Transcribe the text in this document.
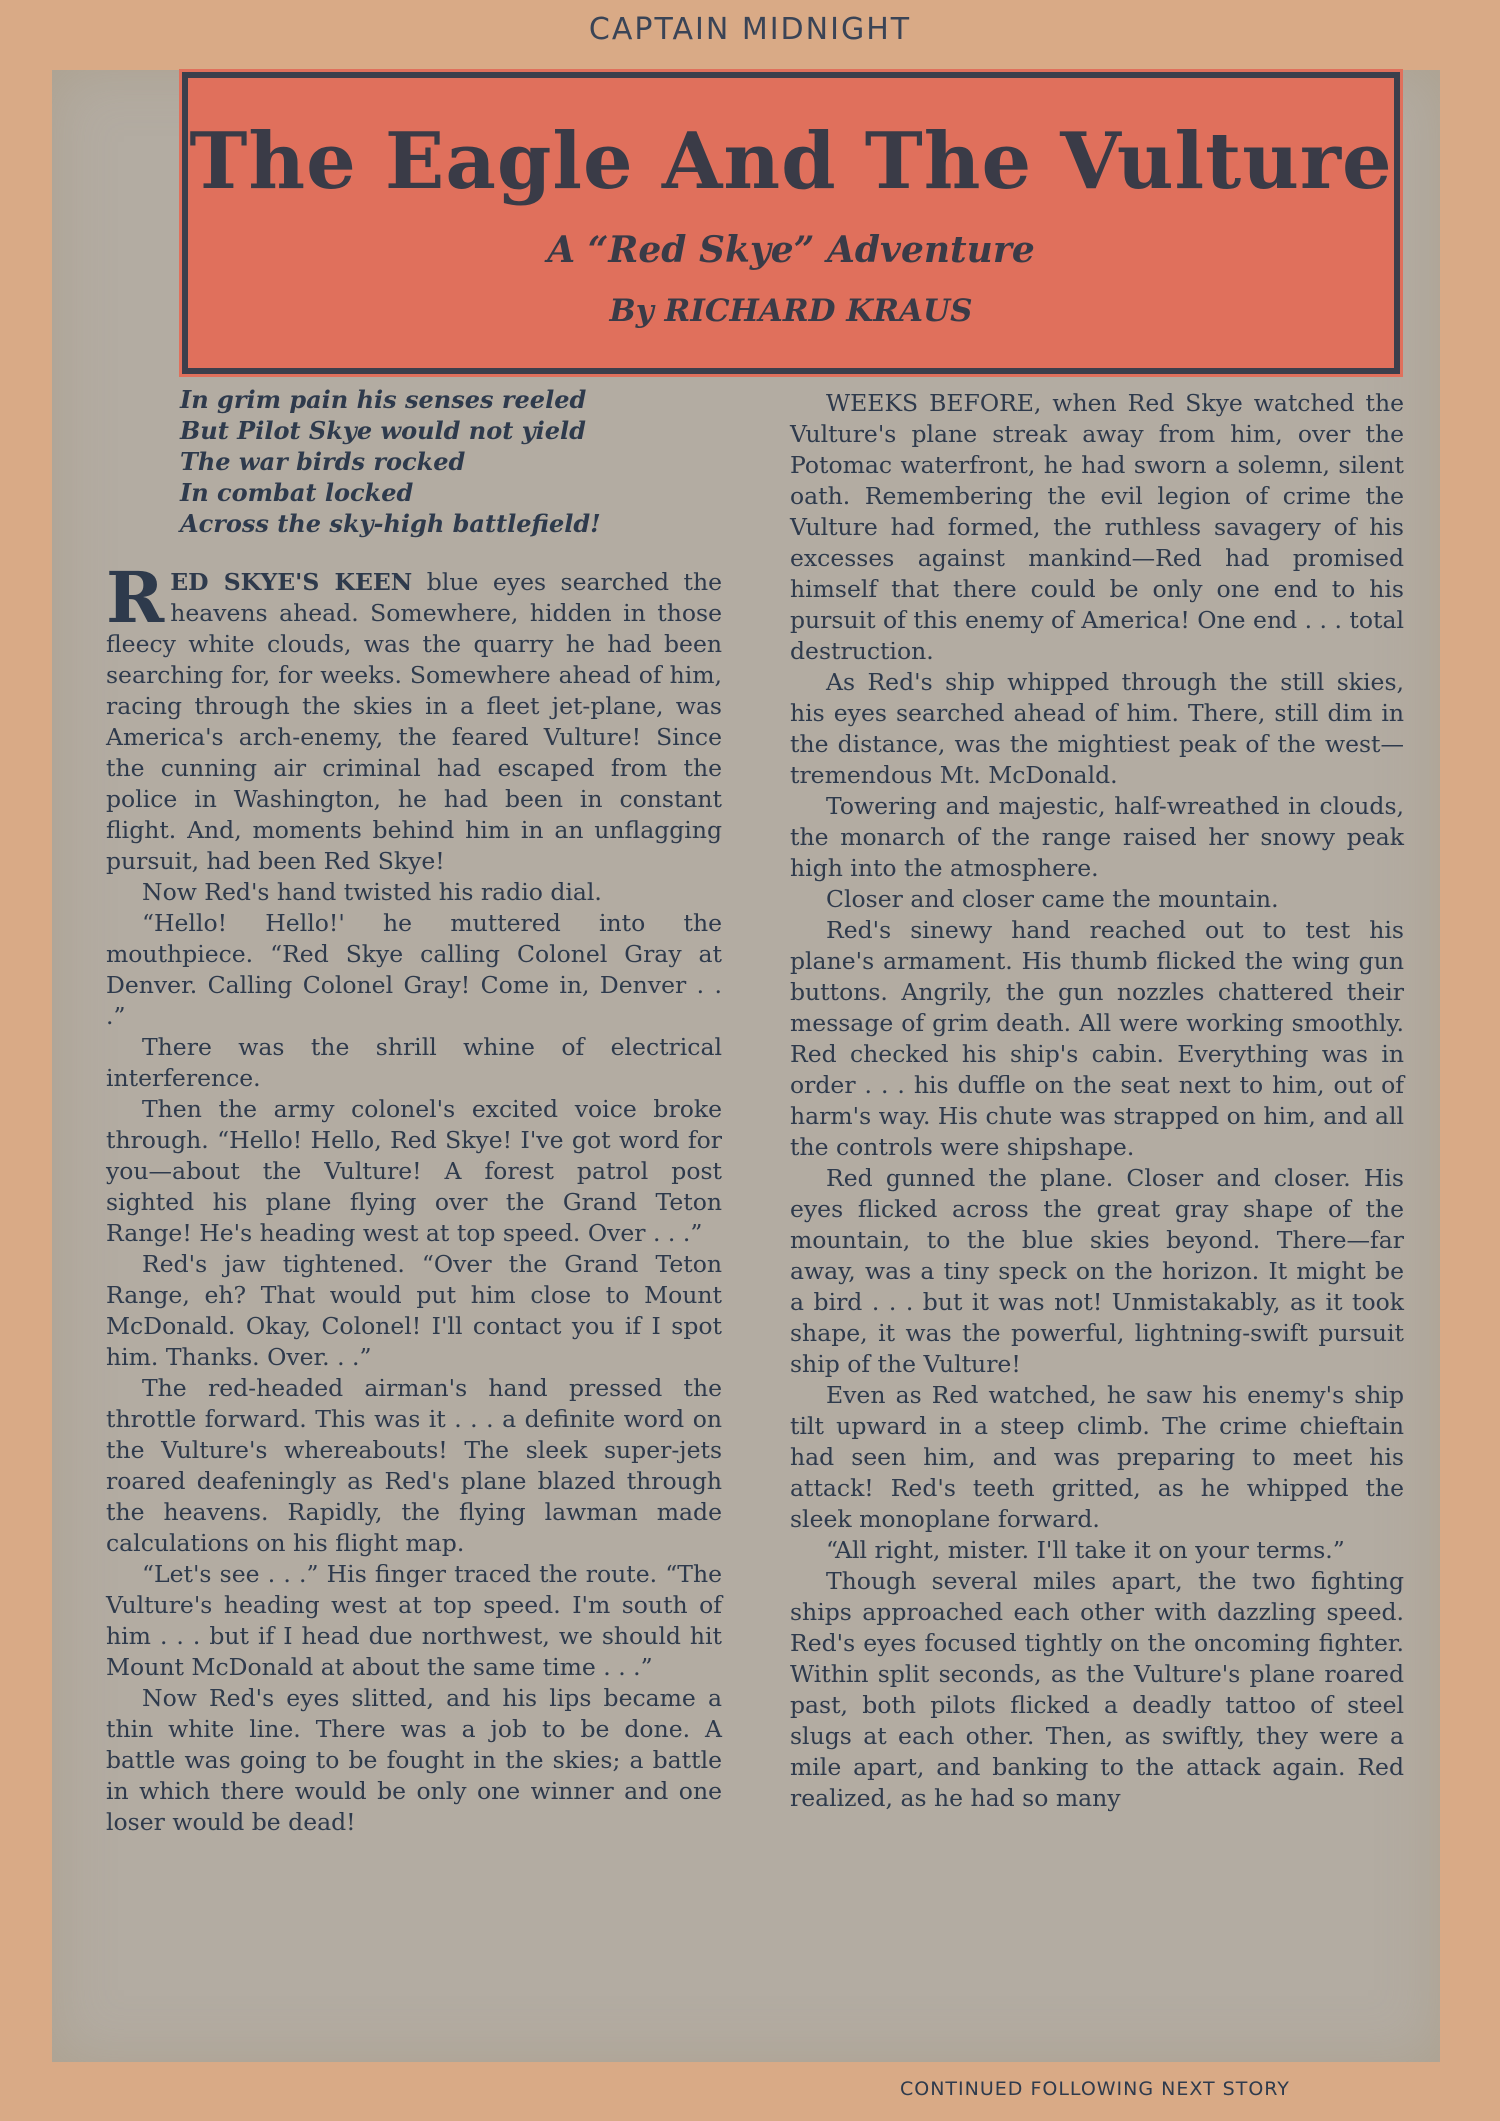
CAPTAIN MIDNIGHT
The Eagle And The Vulture
A “Red Skye” Adventure
By RICHARD KRAUS
In grim pain his senses reeled
But Pilot Skye would not yield
The war birds rocked
In combat locked
Across the sky-high battlefield!

RED SKYE'S KEEN blue eyes searched the heavens ahead. Somewhere, hidden in those fleecy white clouds, was the quarry he had been searching for, for weeks. Somewhere ahead of him, racing through the skies in a fleet jet-plane, was America's arch-enemy, the feared Vulture! Since the cunning air criminal had escaped from the police in Washington, he had been in constant flight. And, moments behind him in an unflagging pursuit, had been Red Skye!

Now Red's hand twisted his radio dial.

“Hello! Hello!' he muttered into the mouthpiece. “Red Skye calling Colonel Gray at Denver. Calling Colonel Gray! Come in, Denver . . .”

There was the shrill whine of electrical interference.

Then the army colonel's excited voice broke through. “Hello! Hello, Red Skye! I've got word for you—about the Vulture! A forest patrol post sighted his plane flying over the Grand Teton Range! He's heading west at top speed. Over . . .”

Red's jaw tightened. “Over the Grand Teton Range, eh? That would put him close to Mount McDonald. Okay, Colonel! I'll contact you if I spot him. Thanks. Over. . .”

The red-headed airman's hand pressed the throttle forward. This was it . . . a definite word on the Vulture's whereabouts! The sleek super-jets roared deafeningly as Red's plane blazed through the heavens. Rapidly, the flying lawman made calculations on his flight map.

“Let's see . . .” His finger traced the route. “The Vulture's heading west at top speed. I'm south of him . . . but if I head due northwest, we should hit Mount McDonald at about the same time . . .”

Now Red's eyes slitted, and his lips became a thin white line. There was a job to be done. A battle was going to be fought in the skies; a battle in which there would be only one winner and one loser would be dead!

WEEKS BEFORE, when Red Skye watched the Vulture's plane streak away from him, over the Potomac waterfront, he had sworn a solemn, silent oath. Remembering the evil legion of crime the Vulture had formed, the ruthless savagery of his excesses against mankind—Red had promised himself that there could be only one end to his pursuit of this enemy of America! One end . . . total destruction.

As Red's ship whipped through the still skies, his eyes searched ahead of him. There, still dim in the distance, was the mightiest peak of the west—tremendous Mt. McDonald.

Towering and majestic, half-wreathed in clouds, the monarch of the range raised her snowy peak high into the atmosphere.

Closer and closer came the mountain.

Red's sinewy hand reached out to test his plane's armament. His thumb flicked the wing gun buttons. Angrily, the gun nozzles chattered their message of grim death. All were working smoothly. Red checked his ship's cabin. Everything was in order . . . his duffle on the seat next to him, out of harm's way. His chute was strapped on him, and all the controls were shipshape.

Red gunned the plane. Closer and closer. His eyes flicked across the great gray shape of the mountain, to the blue skies beyond. There—far away, was a tiny speck on the horizon. It might be a bird . . . but it was not! Unmistakably, as it took shape, it was the powerful, lightning-swift pursuit ship of the Vulture!

Even as Red watched, he saw his enemy's ship tilt upward in a steep climb. The crime chieftain had seen him, and was preparing to meet his attack! Red's teeth gritted, as he whipped the sleek monoplane forward.

“All right, mister. I'll take it on your terms.”

Though several miles apart, the two fighting ships approached each other with dazzling speed. Red's eyes focused tightly on the oncoming fighter. Within split seconds, as the Vulture's plane roared past, both pilots flicked a deadly tattoo of steel slugs at each other. Then, as swiftly, they were a mile apart, and banking to the attack again. Red realized, as he had so many

CONTINUED FOLLOWING NEXT STORY
